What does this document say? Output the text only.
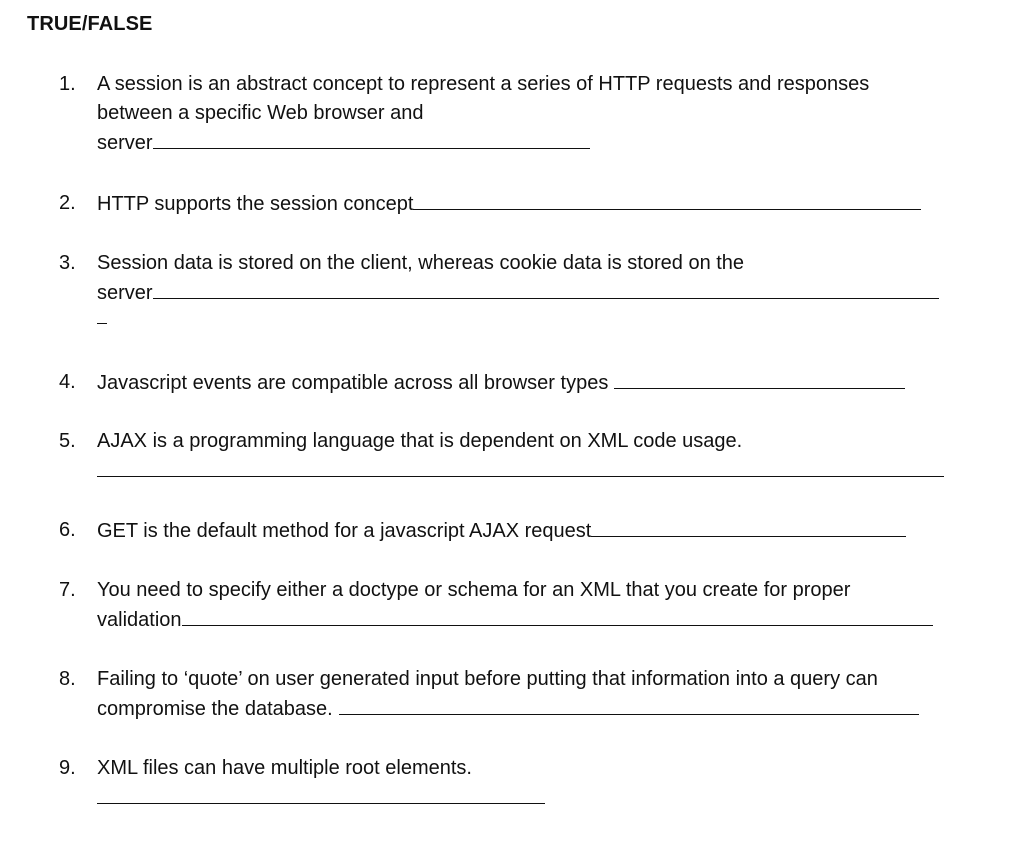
TRUE/FALSE
1. A session is an abstract concept to represent a series of HTTP requests and responses
between a specific Web browser and
server
2. HTTP supports the session concept
3. Session data is stored on the client, whereas cookie data is stored on the
server
4. Javascript events are compatible across all browser types
5. AJAX is a programming language that is dependent on XML code usage.
6. GET is the default method for a javascript AJAX request
7. You need to specify either a doctype or schema for an XML that you create for proper
validation
8. Failing to ‘quote’ on user generated input before putting that information into a query can
compromise the database.
9. XML files can have multiple root elements.
